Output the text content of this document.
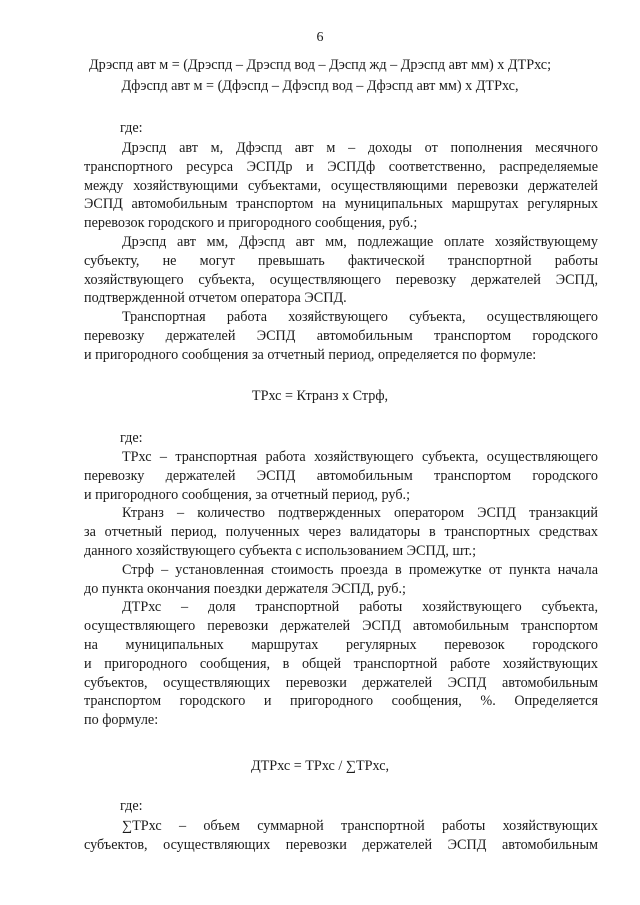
6
Дрэспд авт м = (Дрэспд – Дрэспд вод – Дэспд жд – Дрэспд авт мм) х ДТРхс;
Дфэспд авт м = (Дфэспд – Дфэспд вод – Дфэспд авт мм) х ДТРхс,
где:
Дрэспд авт м, Дфэспд авт м – доходы от пополнения месячного
транспортного ресурса ЭСПДр и ЭСПДф соответственно, распределяемые
между хозяйствующими субъектами, осуществляющими перевозки держателей
ЭСПД автомобильным транспортом на муниципальных маршрутах регулярных
перевозок городского и пригородного сообщения, руб.;
Дрэспд авт мм, Дфэспд авт мм, подлежащие оплате хозяйствующему
субъекту, не могут превышать фактической транспортной работы
хозяйствующего субъекта, осуществляющего перевозку держателей ЭСПД,
подтвержденной отчетом оператора ЭСПД.
Транспортная работа хозяйствующего субъекта, осуществляющего
перевозку держателей ЭСПД автомобильным транспортом городского
и пригородного сообщения за отчетный период, определяется по формуле:
ТРхс = Ктранз х Стрф,
где:
ТРхс – транспортная работа хозяйствующего субъекта, осуществляющего
перевозку держателей ЭСПД автомобильным транспортом городского
и пригородного сообщения, за отчетный период, руб.;
Ктранз – количество подтвержденных оператором ЭСПД транзакций
за отчетный период, полученных через валидаторы в транспортных средствах
данного хозяйствующего субъекта с использованием ЭСПД, шт.;
Стрф – установленная стоимость проезда в промежутке от пункта начала
до пункта окончания поездки держателя ЭСПД, руб.;
ДТРхс – доля транспортной работы хозяйствующего субъекта,
осуществляющего перевозки держателей ЭСПД автомобильным транспортом
на муниципальных маршрутах регулярных перевозок городского
и пригородного сообщения, в общей транспортной работе хозяйствующих
субъектов, осуществляющих перевозки держателей ЭСПД автомобильным
транспортом городского и пригородного сообщения, %. Определяется
по формуле:
ДТРхс = ТРхс / ∑ТРхс,
где:
∑ТРхс – объем суммарной транспортной работы хозяйствующих
субъектов, осуществляющих перевозки держателей ЭСПД автомобильным
